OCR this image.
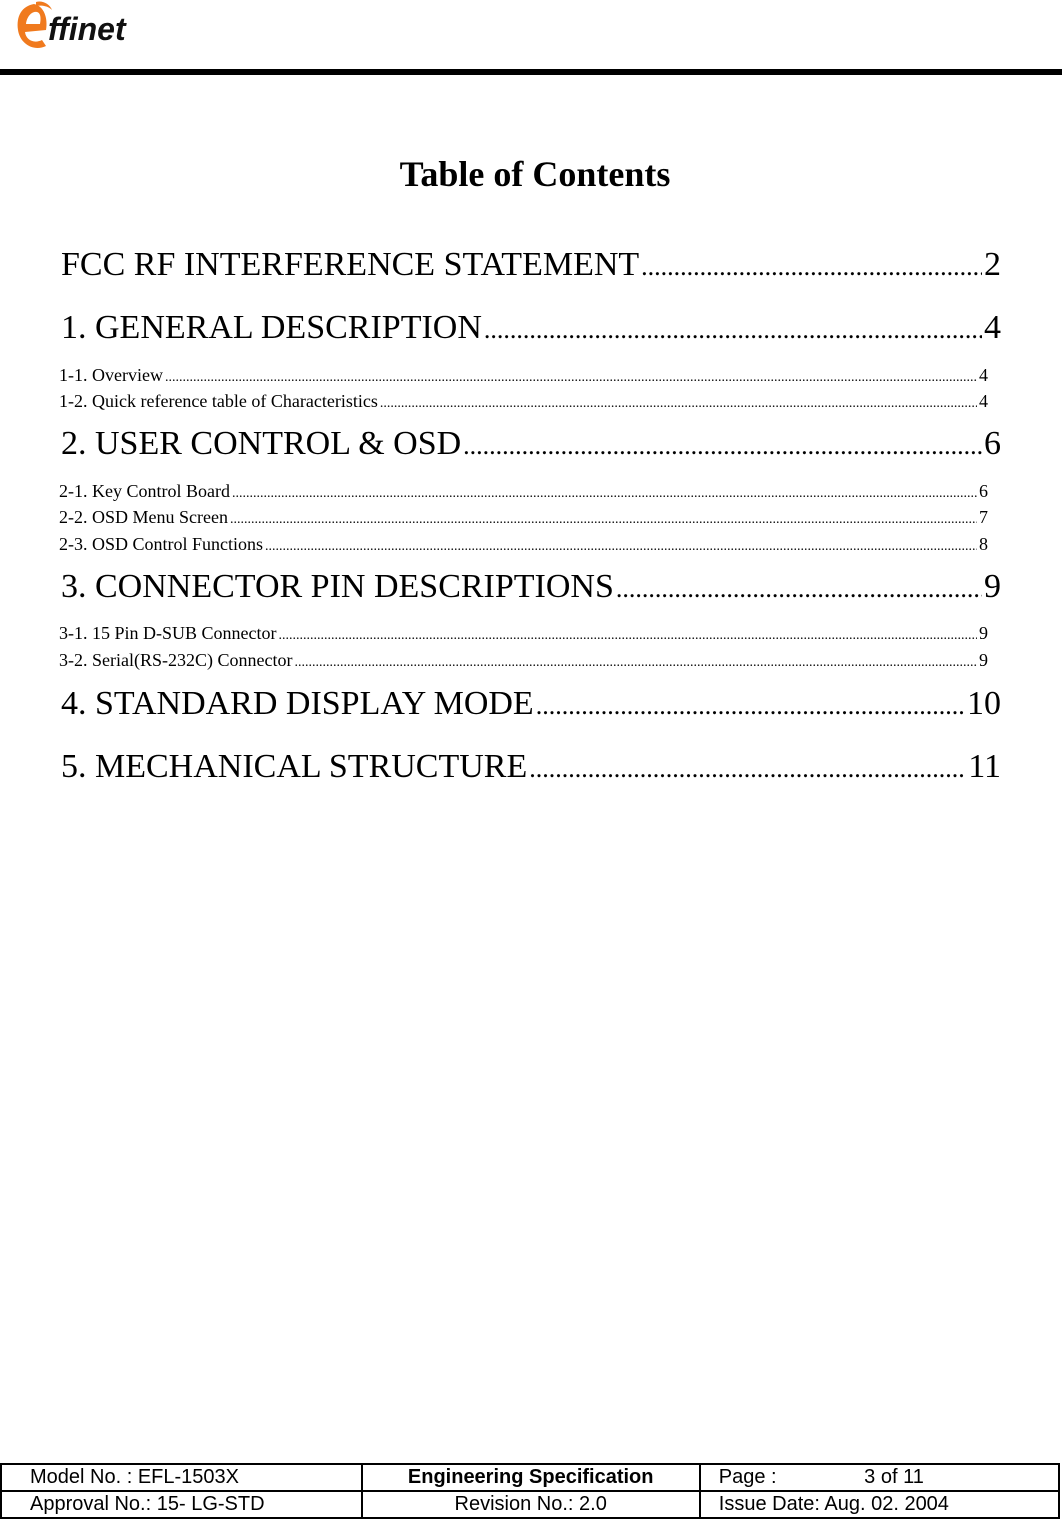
ffinet
Table of Contents
FCC RF INTERFERENCE STATEMENT .....	2
1. GENERAL DESCRIPTION .....	4
1-1. Overview .....	4
1-2. Quick reference table of Characteristics .....	4
2. USER CONTROL & OSD .....	6
2-1. Key Control Board .....	6
2-2. OSD Menu Screen .....	7
2-3. OSD Control Functions .....	8
3. CONNECTOR PIN DESCRIPTIONS .....	9
3-1. 15 Pin D-SUB Connector .....	9
3-2. Serial(RS-232C) Connector .....	9
4. STANDARD DISPLAY MODE .....	10
5. MECHANICAL STRUCTURE .....	11
Model No. : EFL-1503X	Engineering Specification	Page : 3 of 11
Approval No.: 15- LG-STD	Revision No.: 2.0	Issue Date: Aug. 02. 2004
